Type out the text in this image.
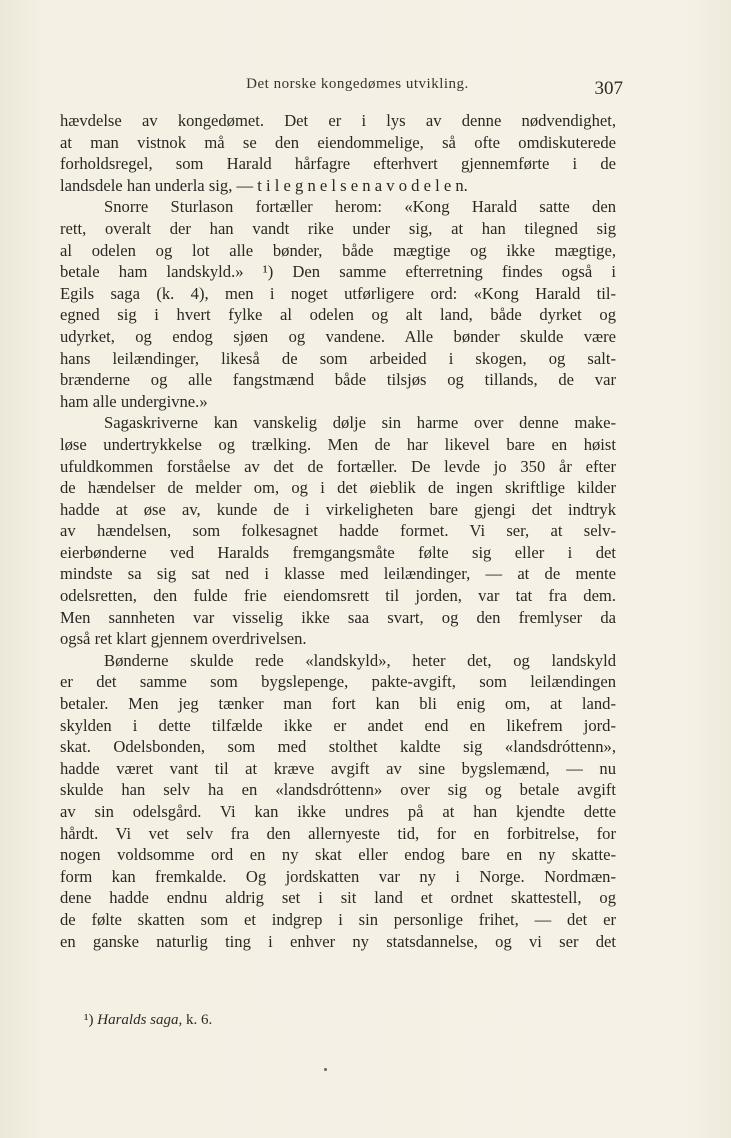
Det norske kongedømes utvikling.	307
hævdelse av kongedømet. Det er i lys av denne nødvendighet,
at man vistnok må se den eiendommelige, så ofte omdiskuterede
forholdsregel, som Harald hårfagre efterhvert gjennemførte i de
landsdele han underla sig, — t i l e g n e l s e n a v o d e l e n.
Snorre Sturlason fortæller herom: «Kong Harald satte den
rett, overalt der han vandt rike under sig, at han tilegned sig
al odelen og lot alle bønder, både mægtige og ikke mægtige,
betale ham landskyld.» ¹) Den samme efterretning findes også i
Egils saga (k. 4), men i noget utførligere ord: «Kong Harald til-
egned sig i hvert fylke al odelen og alt land, både dyrket og
udyrket, og endog sjøen og vandene. Alle bønder skulde være
hans leilændinger, likeså de som arbeided i skogen, og salt-
brænderne og alle fangstmænd både tilsjøs og tillands, de var
ham alle undergivne.»
Sagaskriverne kan vanskelig dølje sin harme over denne make-
løse undertrykkelse og trælking. Men de har likevel bare en høist
ufuldkommen forståelse av det de fortæller. De levde jo 350 år efter
de hændelser de melder om, og i det øieblik de ingen skriftlige kilder
hadde at øse av, kunde de i virkeligheten bare gjengi det indtryk
av hændelsen, som folkesagnet hadde formet. Vi ser, at selv-
eierbønderne ved Haralds fremgangsmåte følte sig eller i det
mindste sa sig sat ned i klasse med leilændinger, — at de mente
odelsretten, den fulde frie eiendomsrett til jorden, var tat fra dem.
Men sannheten var visselig ikke saa svart, og den fremlyser da
også ret klart gjennem overdrivelsen.
Bønderne skulde rede «landskyld», heter det, og landskyld
er det samme som bygslepenge, pakte-avgift, som leilændingen
betaler. Men jeg tænker man fort kan bli enig om, at land-
skylden i dette tilfælde ikke er andet end en likefrem jord-
skat. Odelsbonden, som med stolthet kaldte sig «landsdróttenn»,
hadde været vant til at kræve avgift av sine bygslemænd, — nu
skulde han selv ha en «landsdróttenn» over sig og betale avgift
av sin odelsgård. Vi kan ikke undres på at han kjendte dette
hårdt. Vi vet selv fra den allernyeste tid, for en forbitrelse, for
nogen voldsomme ord en ny skat eller endog bare en ny skatte-
form kan fremkalde. Og jordskatten var ny i Norge. Nordmæn-
dene hadde endnu aldrig set i sit land et ordnet skattestell, og
de følte skatten som et indgrep i sin personlige frihet, — det er
en ganske naturlig ting i enhver ny statsdannelse, og vi ser det
¹) Haralds saga, k. 6.
